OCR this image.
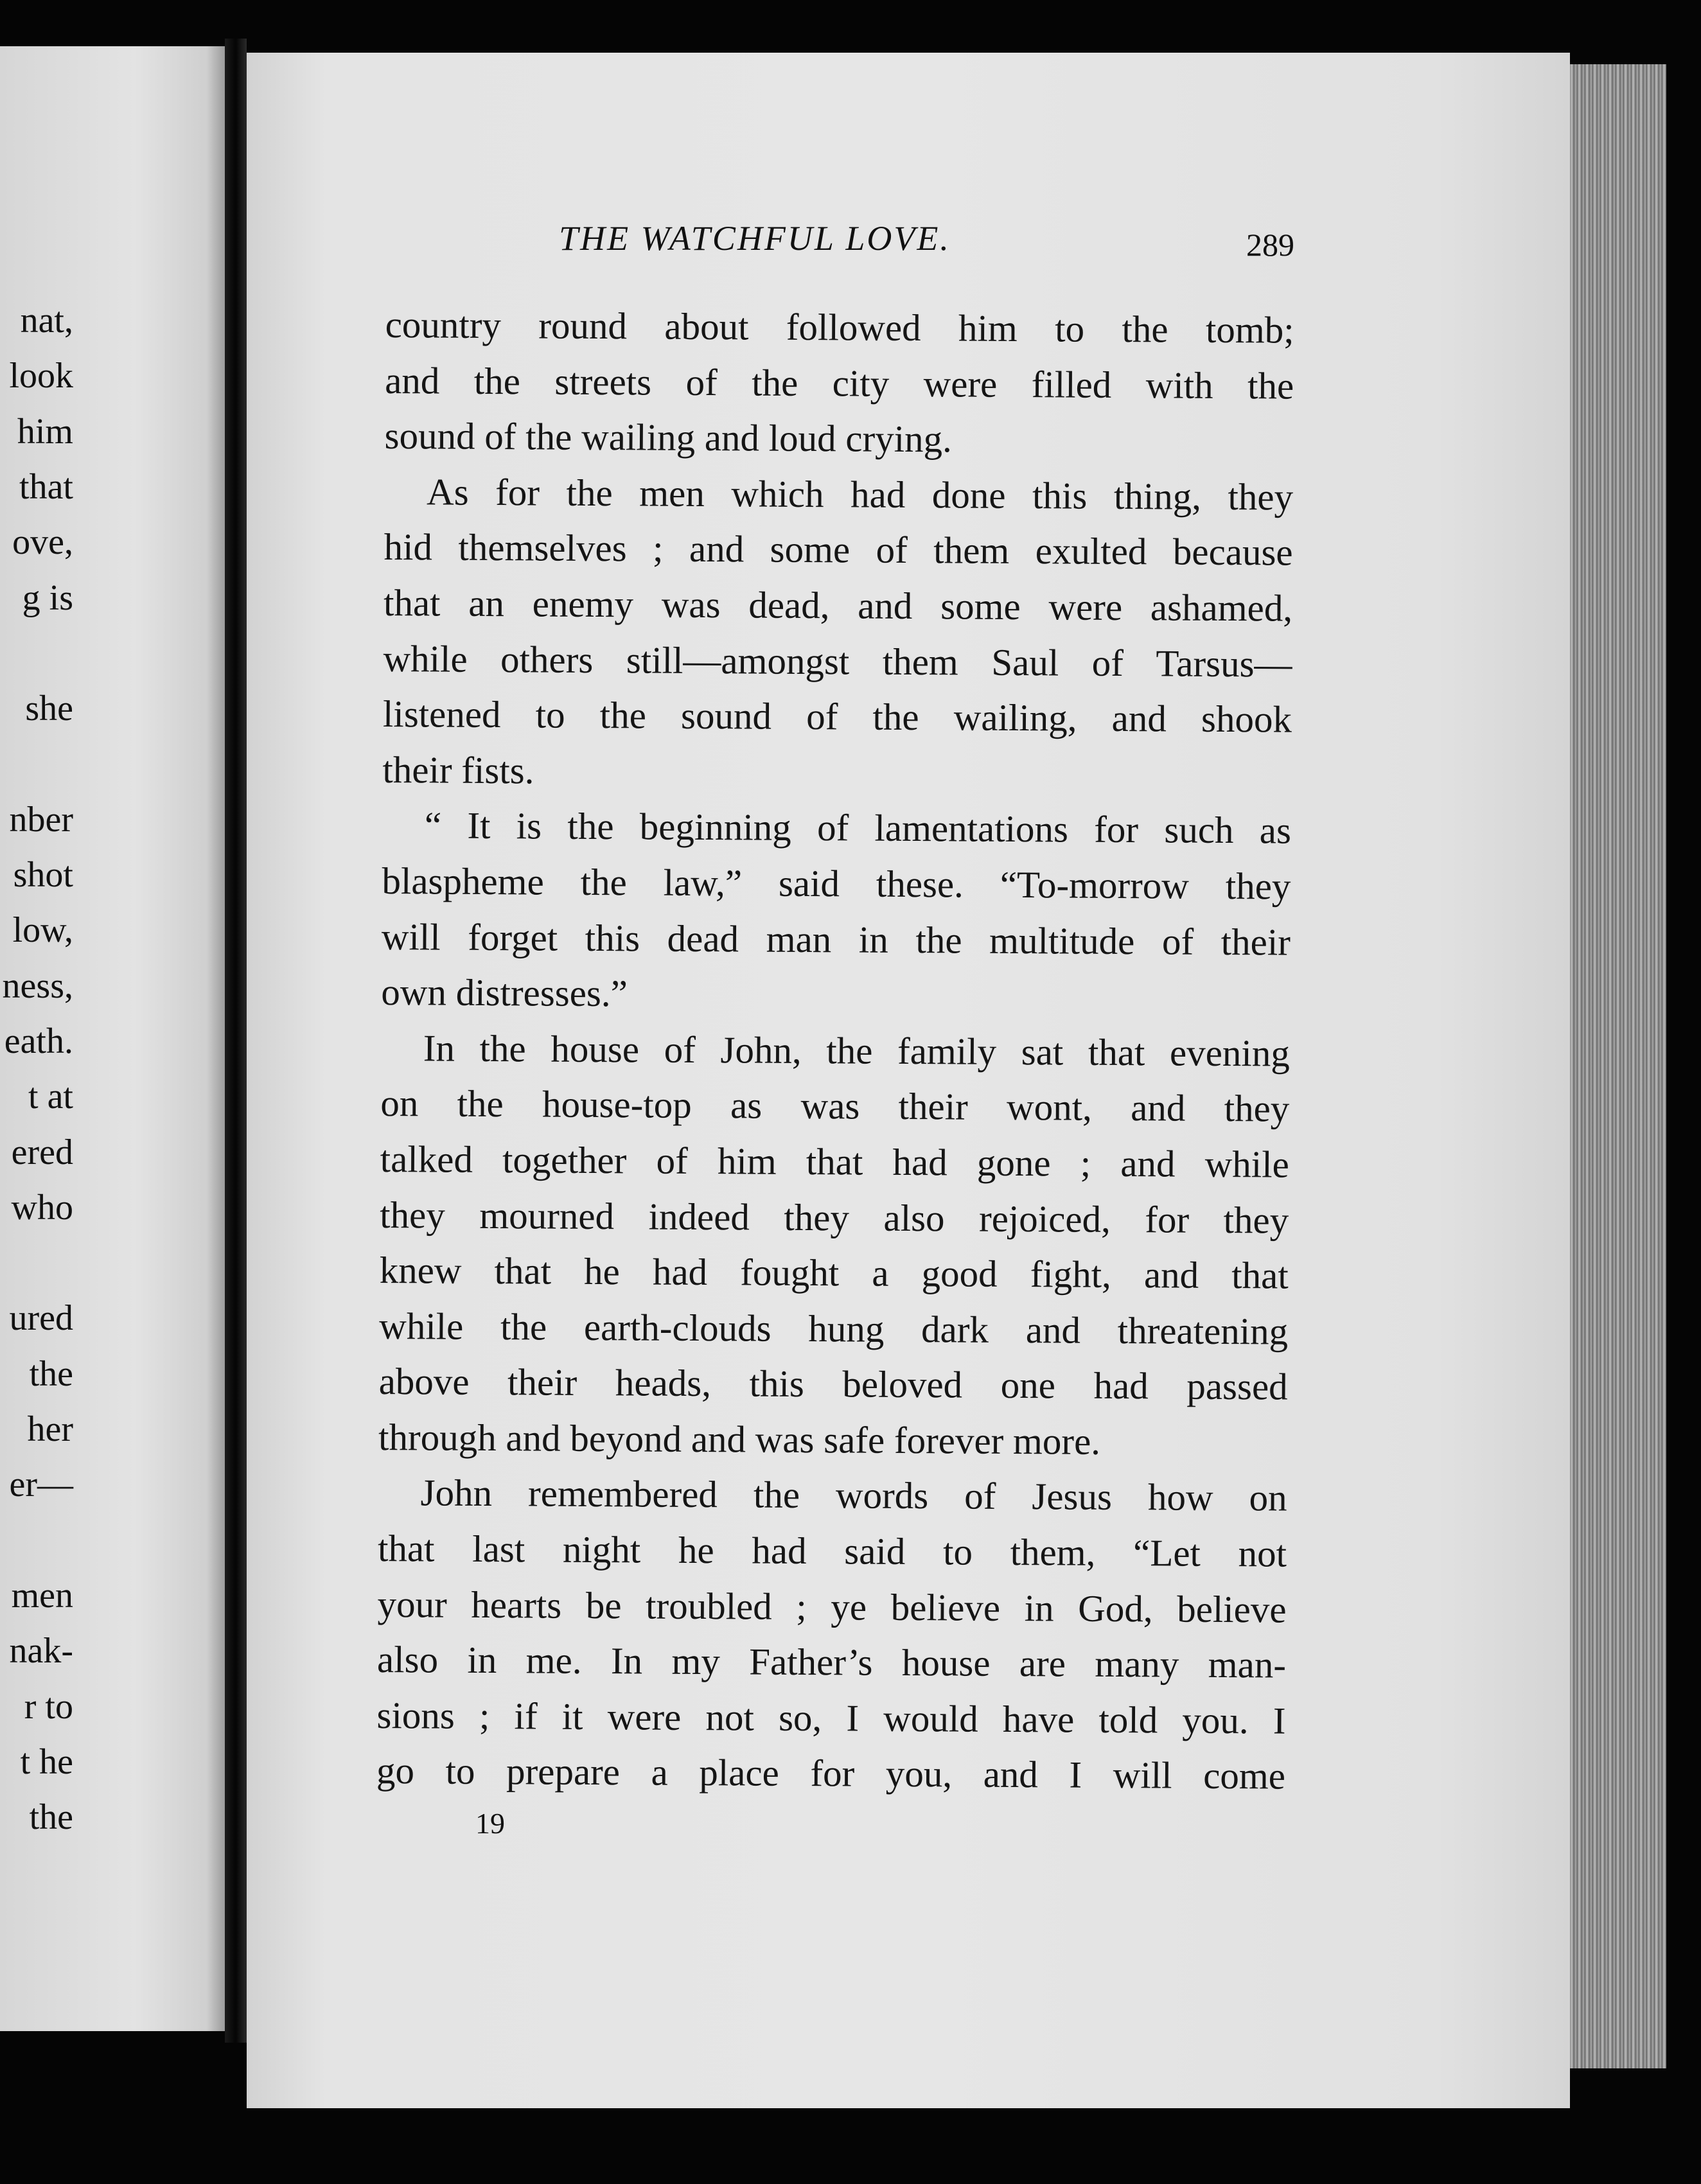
nat,
look
him
that
ove,
g is
she
nber
shot
low,
ness,
eath.
t at
ered
who
ured
the
her
er—
men
nak-
r to
t he
the
THE WATCHFUL LOVE.	289
country round about followed him to the tomb;
and the streets of the city were filled with the
sound of the wailing and loud crying.
As for the men which had done this thing, they
hid themselves ; and some of them exulted because
that an enemy was dead, and some were ashamed,
while others still—amongst them Saul of Tarsus—
listened to the sound of the wailing, and shook
their fists.
“ It is the beginning of lamentations for such as
blaspheme the law,” said these. “To-morrow they
will forget this dead man in the multitude of their
own distresses.”
In the house of John, the family sat that evening
on the house-top as was their wont, and they
talked together of him that had gone ; and while
they mourned indeed they also rejoiced, for they
knew that he had fought a good fight, and that
while the earth-clouds hung dark and threatening
above their heads, this beloved one had passed
through and beyond and was safe forever more.
John remembered the words of Jesus how on
that last night he had said to them, “Let not
your hearts be troubled ; ye believe in God, believe
also in me. In my Father’s house are many man-
sions ; if it were not so, I would have told you. I
go to prepare a place for you, and I will come
19
